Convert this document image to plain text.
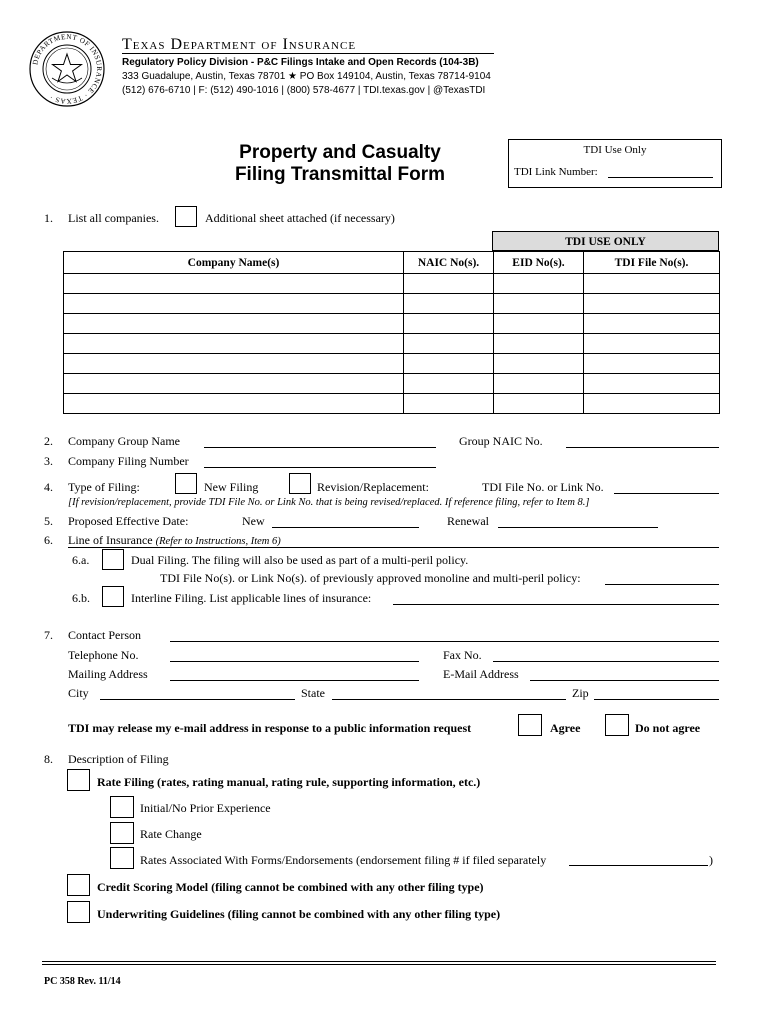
DEPARTMENT OF INSURANCE · TEXAS ·
Texas Department of Insurance
Regulatory Policy Division - P&C Filings Intake and Open Records (104-3B)
333 Guadalupe, Austin, Texas 78701 ★ PO Box 149104, Austin, Texas 78714-9104
(512) 676-6710 | F: (512) 490-1016 | (800) 578-4677 | TDI.texas.gov | @TexasTDI
Property and Casualty
Filing Transmittal Form
TDI Use Only
TDI Link Number:
1. List all companies.	Additional sheet attached (if necessary)
TDI USE ONLY
Company Name(s)	NAIC No(s).	EID No(s).	TDI File No(s).

2. Company Group Name	Group NAIC No.
3. Company Filing Number
4. Type of Filing:	New Filing	Revision/Replacement:	TDI File No. or Link No.
[If revision/replacement, provide TDI File No. or Link No. that is being revised/replaced. If reference filing, refer to Item 8.]
5. Proposed Effective Date:	New	Renewal
6. Line of Insurance (Refer to Instructions, Item 6)
6.a.	Dual Filing. The filing will also be used as part of a multi-peril policy.
TDI File No(s). or Link No(s). of previously approved monoline and multi-peril policy:
6.b.	Interline Filing. List applicable lines of insurance:
7. Contact Person
Telephone No.	Fax No.
Mailing Address	E-Mail Address
City	State	Zip
TDI may release my e-mail address in response to a public information request	Agree	Do not agree
8. Description of Filing
Rate Filing (rates, rating manual, rating rule, supporting information, etc.)
Initial/No Prior Experience
Rate Change
Rates Associated With Forms/Endorsements (endorsement filing # if filed separately	)
Credit Scoring Model (filing cannot be combined with any other filing type)
Underwriting Guidelines (filing cannot be combined with any other filing type)
PC 358 Rev. 11/14
